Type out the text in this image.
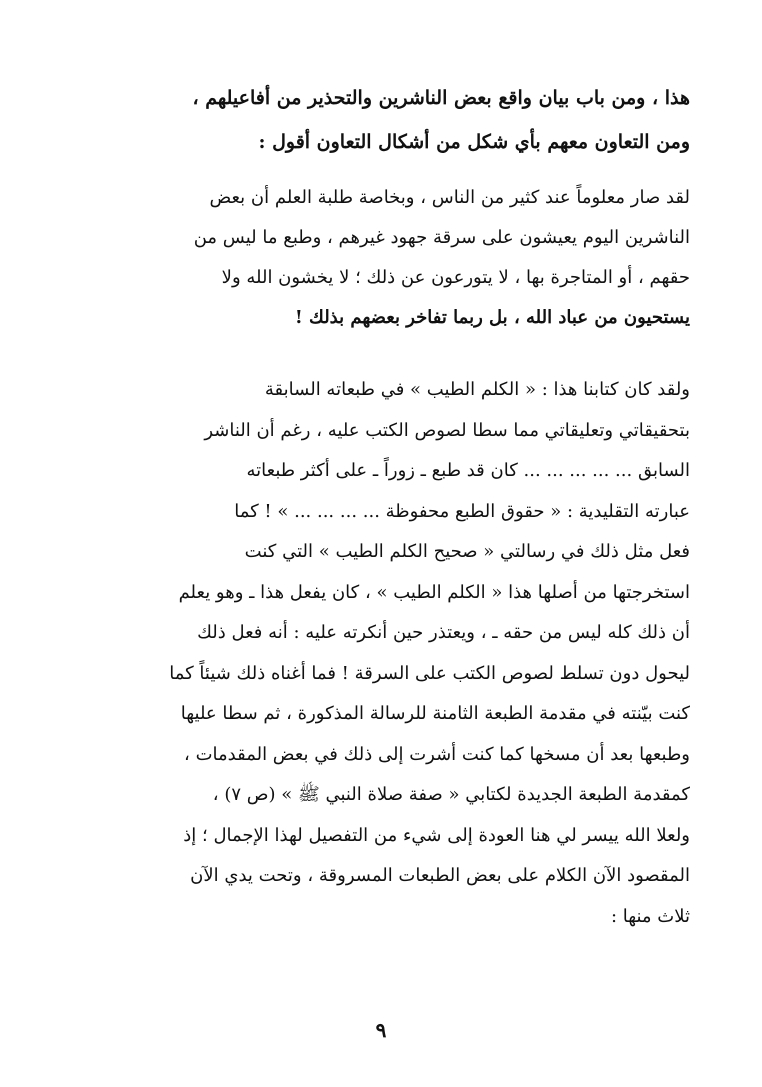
هذا ، ومن باب بيان واقع بعض الناشرين والتحذير من أفاعيلهم ،
ومن التعاون معهم بأي شكل من أشكال التعاون أقول :
لقد صار معلوماً عند كثير من الناس ، وبخاصة طلبة العلم أن بعض
الناشرين اليوم يعيشون على سرقة جهود غيرهم ، وطبع ما ليس من
حقهم ، أو المتاجرة بها ، لا يتورعون عن ذلك ؛ لا يخشون الله ولا
يستحيون من عباد الله ، بل ربما تفاخر بعضهم بذلك !
ولقد كان كتابنا هذا : « الكلم الطيب » في طبعاته السابقة
بتحقيقاتي وتعليقاتي مما سطا لصوص الكتب عليه ، رغم أن الناشر
السابق ... ... ... ... ... كان قد طبع ـ زوراً ـ على أكثر طبعاته
عبارته التقليدية : « حقوق الطبع محفوظة ... ... ... ... » ! كما
فعل مثل ذلك في رسالتي « صحيح الكلم الطيب » التي كنت
استخرجتها من أصلها هذا « الكلم الطيب » ، كان يفعل هذا ـ وهو يعلم
أن ذلك كله ليس من حقه ـ ، ويعتذر حين أنكرته عليه : أنه فعل ذلك
ليحول دون تسلط لصوص الكتب على السرقة ! فما أغناه ذلك شيئاً كما
كنت بيّنته في مقدمة الطبعة الثامنة للرسالة المذكورة ، ثم سطا عليها
وطبعها بعد أن مسخها كما كنت أشرت إلى ذلك في بعض المقدمات ،
كمقدمة الطبعة الجديدة لكتابي « صفة صلاة النبي ﷺ » (ص ٧) ،
ولعلا الله ييسر لي هنا العودة إلى شيء من التفصيل لهذا الإجمال ؛ إذ
المقصود الآن الكلام على بعض الطبعات المسروقة ، وتحت يدي الآن
ثلاث منها :
٩
